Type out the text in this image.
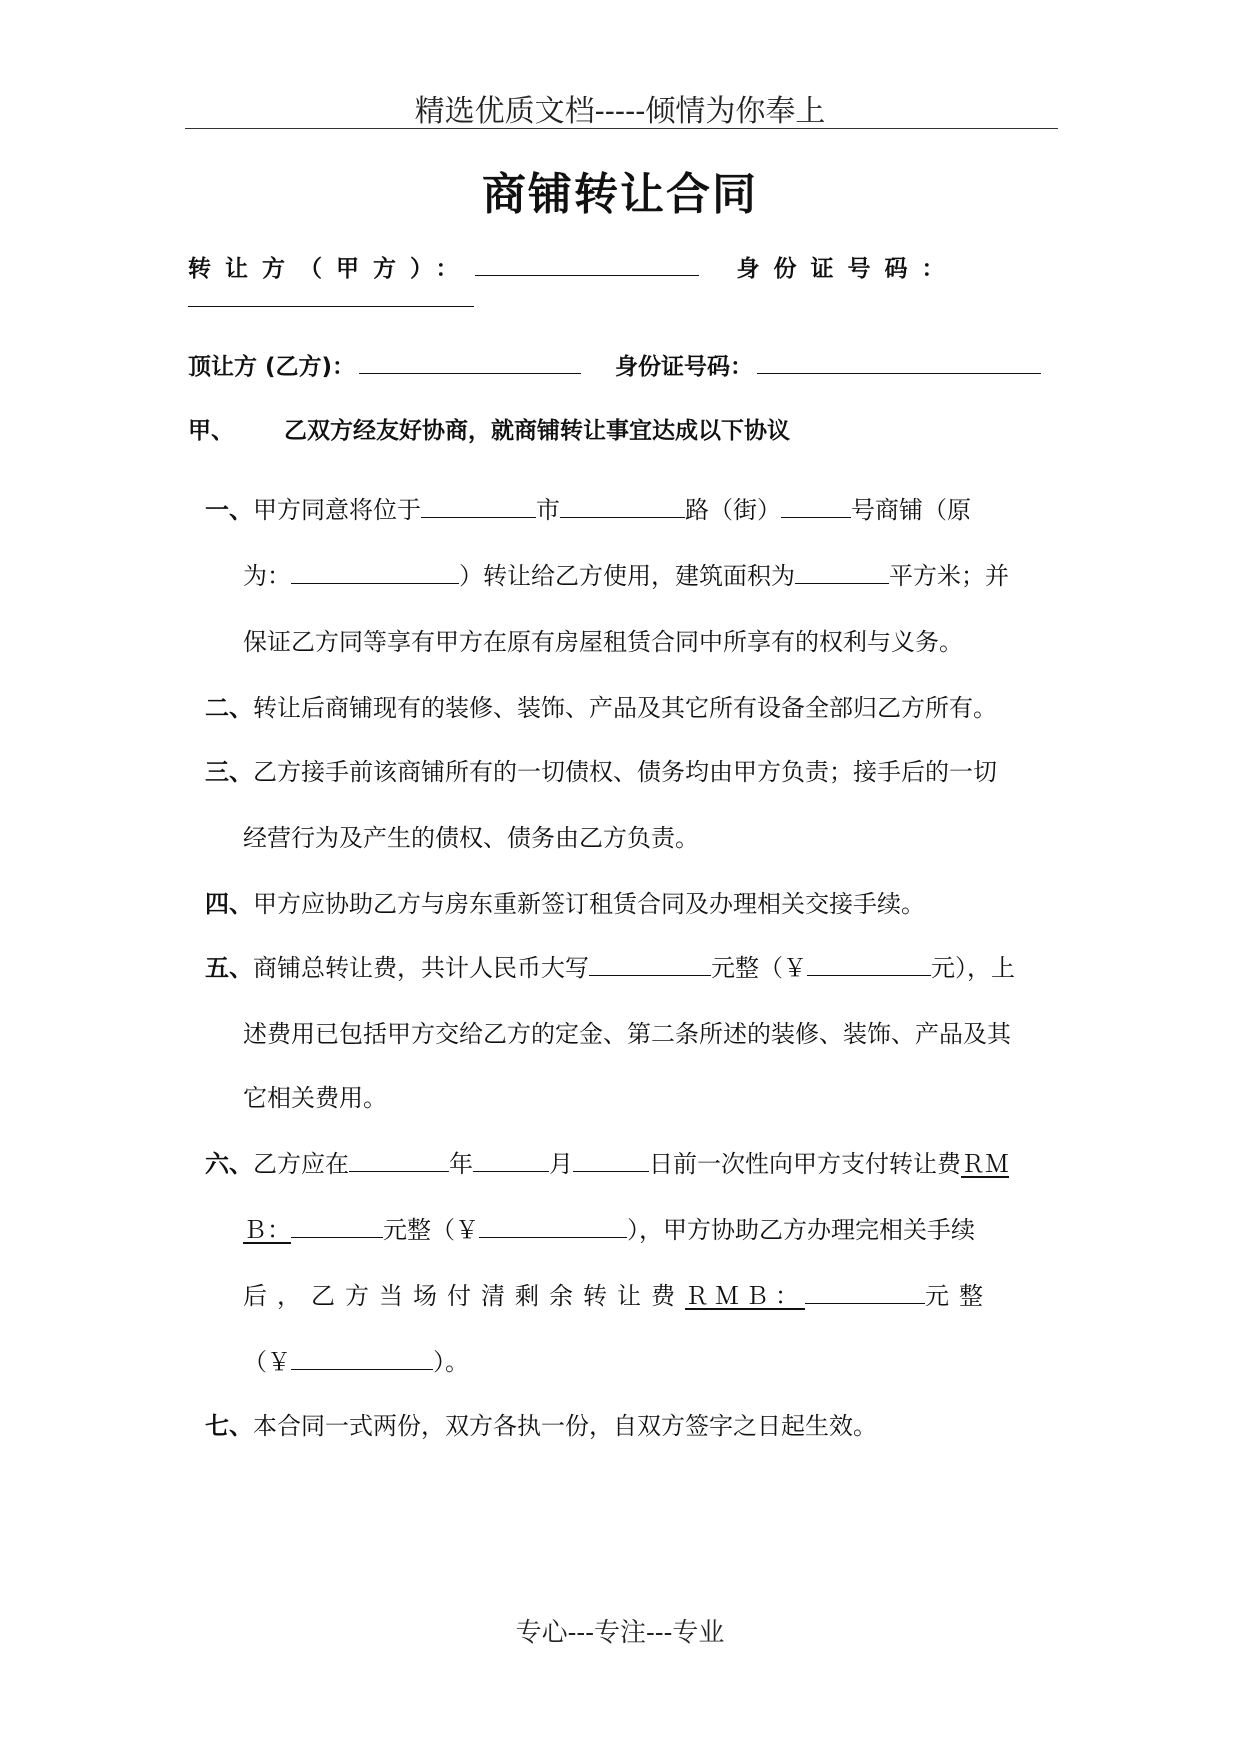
精选优质文档-----倾情为你奉上
商铺转让合同
转让方（甲方）：	身份证号码：
顶让方 (乙方)：	身份证号码：
甲、 乙双方经友好协商，就商铺转让事宜达成以下协议
一、甲方同意将位于	市	路（街）	号商铺（原
为：	）转让给乙方使用，建筑面积为	平方米；并
保证乙方同等享有甲方在原有房屋租赁合同中所享有的权利与义务。
二、转让后商铺现有的装修、装饰、产品及其它所有设备全部归乙方所有。
三、乙方接手前该商铺所有的一切债权、债务均由甲方负责；接手后的一切
经营行为及产生的债权、债务由乙方负责。
四、甲方应协助乙方与房东重新签订租赁合同及办理相关交接手续。
五、商铺总转让费，共计人民币大写	元整（￥	元），上
述费用已包括甲方交给乙方的定金、第二条所述的装修、装饰、产品及其
它相关费用。
六、乙方应在	年	月	日前一次性向甲方支付转让费ＲＭ
Ｂ：	元整（￥	），甲方协助乙方办理完相关手续
后，乙方当场付清剩余转让费ＲＭＢ：	元整
（￥	）。
七、本合同一式两份，双方各执一份，自双方签字之日起生效。
专心---专注---专业
